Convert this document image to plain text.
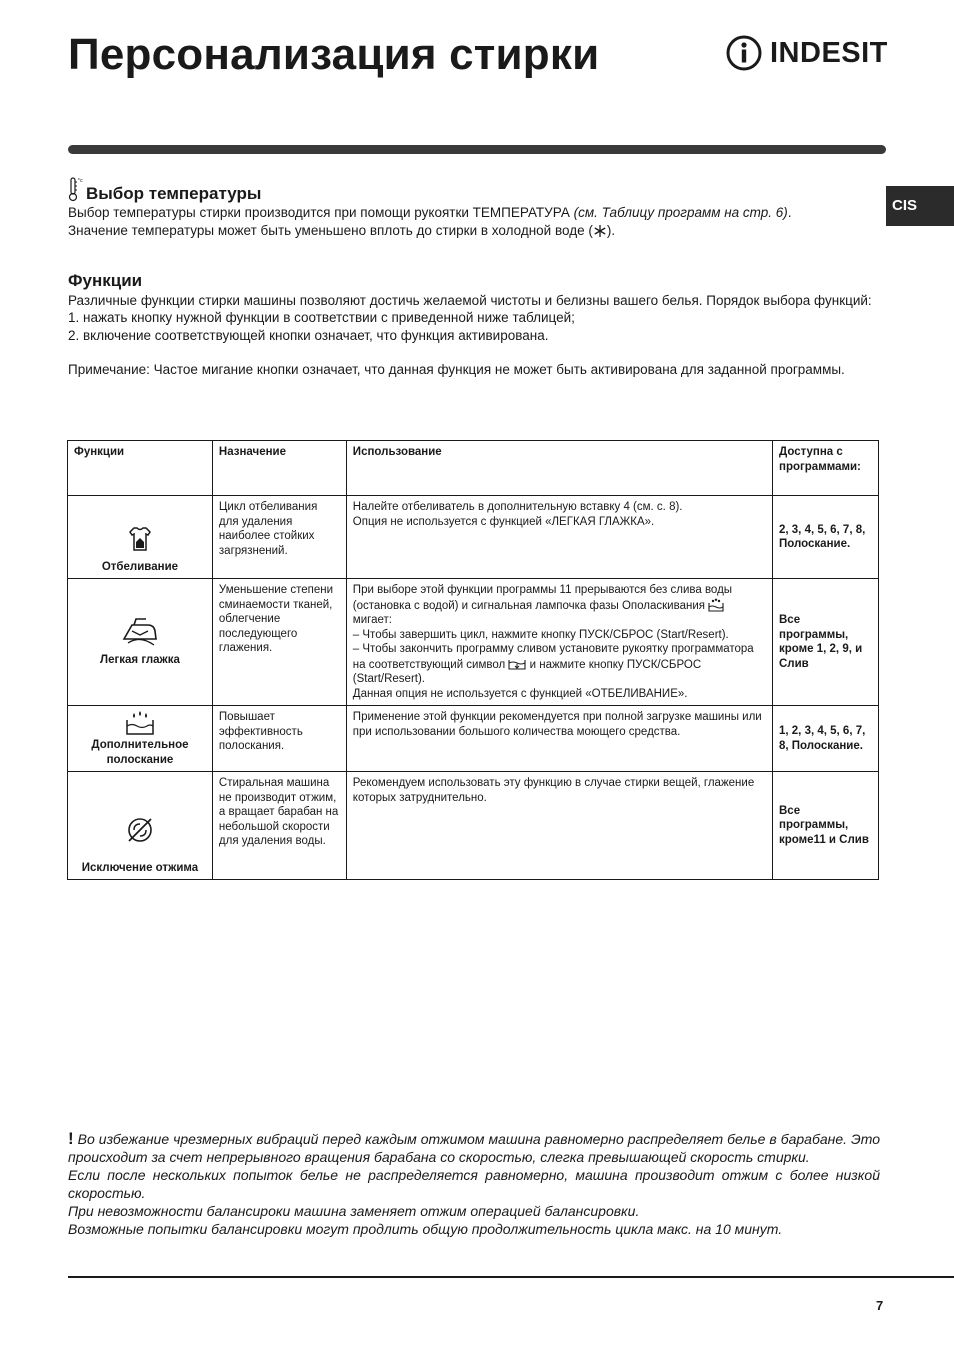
Персонализация стирки	INDESIT
CIS
°c
Выбор температуры

Выбор температуры стирки производится при помощи рукоятки ТЕМПЕРАТУРА (см. Таблицу программ на стр. 6).

Значение температуры может быть уменьшено вплоть до стирки в холодной воде ( ).

Функции

Различные функции стирки машины позволяют достичь желаемой чистоты и белизны вашего белья. Порядок выбора функций:

1. нажать кнопку нужной функции в соответствии с приведенной ниже таблицей;

2. включение соответствующей кнопки означает, что функция активирована.

Примечание: Частое мигание кнопки означает, что данная функция не может быть активирована для заданной программы.

Функции	Назначение	Использование	Доступна с программами:

Отбеливание	Цикл отбеливания для удаления наиболее стойких загрязнений.	Налейте отбеливатель в дополнительную вставку 4 (см. с. 8).
Опция не используется с функцией «ЛЕГКАЯ ГЛАЖКА».	2, 3, 4, 5, 6, 7, 8, Полоскание.

Легкая глажка	Уменьшение степени сминаемости тканей, облегчение последующего глажения.	При выборе этой функции программы 11 прерываются без слива воды (остановка с водой) и сигнальная лампочка фазы Ополаскивания  мигает:
– Чтобы завершить цикл, нажмите кнопку ПУСК/СБРОС (Start/Resert).
– Чтобы закончить программу сливом установите рукоятку программатора на соответствующий символ  и нажмите кнопку ПУСК/СБРОС (Start/Resert).
Данная опция не используется с функцией «ОТБЕЛИВАНИЕ».	Все программы, кроме 1, 2, 9, и Слив

Дополнительное полоскание	Повышает эффективность полоскания.	Применение этой функции рекомендуется при полной загрузке машины или при использовании большого количества моющего средства.	1, 2, 3, 4, 5, 6, 7, 8, Полоскание.

Исключение отжима	Стиральная машина не производит отжим, а вращает барабан на небольшой скорости для удаления воды.	Рекомендуем использовать эту функцию в случае стирки вещей, глажение которых затруднительно.	Все программы, кроме11 и Слив

! Во избежание чрезмерных вибраций перед каждым отжимом машина равномерно распределяет белье в барабане. Это происходит за счет непрерывного вращения барабана со скоростью, слегка превышающей скорость стирки.

Если после нескольких попыток белье не распределяется равномерно, машина производит отжим с более низкой скоростью.

При невозможности балансироки машина заменяет отжим операцией балансировки.

Возможные попытки балансировки могут продлить общую продолжительность цикла макс. на 10 минут.

7
